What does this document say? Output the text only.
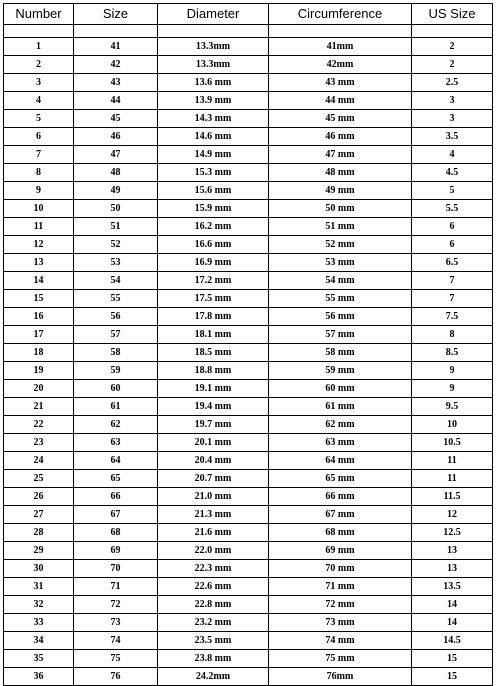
Number	Size	Diameter	Circumference	US Size

1	41	13.3mm	41mm	2
2	42	13.3mm	42mm	2
3	43	13.6 mm	43 mm	2.5
4	44	13.9 mm	44 mm	3
5	45	14.3 mm	45 mm	3
6	46	14.6 mm	46 mm	3.5
7	47	14.9 mm	47 mm	4
8	48	15.3 mm	48 mm	4.5
9	49	15.6 mm	49 mm	5
10	50	15.9 mm	50 mm	5.5
11	51	16.2 mm	51 mm	6
12	52	16.6 mm	52 mm	6
13	53	16.9 mm	53 mm	6.5
14	54	17.2 mm	54 mm	7
15	55	17.5 mm	55 mm	7
16	56	17.8 mm	56 mm	7.5
17	57	18.1 mm	57 mm	8
18	58	18.5 mm	58 mm	8.5
19	59	18.8 mm	59 mm	9
20	60	19.1 mm	60 mm	9
21	61	19.4 mm	61 mm	9.5
22	62	19.7 mm	62 mm	10
23	63	20.1 mm	63 mm	10.5
24	64	20.4 mm	64 mm	11
25	65	20.7 mm	65 mm	11
26	66	21.0 mm	66 mm	11.5
27	67	21.3 mm	67 mm	12
28	68	21.6 mm	68 mm	12.5
29	69	22.0 mm	69 mm	13
30	70	22.3 mm	70 mm	13
31	71	22.6 mm	71 mm	13.5
32	72	22.8 mm	72 mm	14
33	73	23.2 mm	73 mm	14
34	74	23.5 mm	74 mm	14.5
35	75	23.8 mm	75 mm	15
36	76	24.2mm	76mm	15
